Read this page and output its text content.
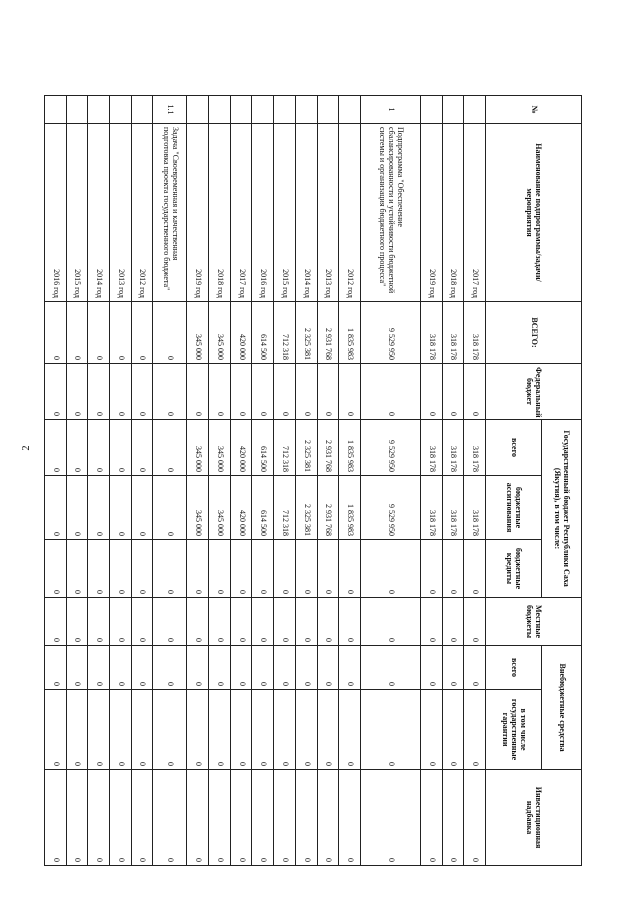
2
№	Наименование подпрограммы/задачи/мероприятия	ВСЕГО:	Федеральный бюджет	Государственный бюджет Республики Саха (Якутия), в том числе:			Местные бюджеты	Внебюджетные средства		Инвестиционная надбавка
				всего	бюджетные ассигнования	бюджетные кредиты		всего	в том числе государственные гарантии	
	2017 год	318 178	0	318 178	318 178	0	0	0	0	0
	2018 год	318 178	0	318 178	318 178	0	0	0	0	0
	2019 год	318 178	0	318 178	318 178	0	0	0	0	0
1	Подпрограмма "Обеспечение сбалансированности и устойчивости бюджетной системы и организация бюджетного процесса"	9 529 950	0	9 529 950	9 529 950	0	0	0	0	0
	2012 год	1 835 983	0	1 835 983	1 835 983	0	0	0	0	0
	2013 год	2 931 768	0	2 931 768	2 931 768	0	0	0	0	0
	2014 год	2 325 381	0	2 325 381	2 325 381	0	0	0	0	0
	2015 год	712 318	0	712 318	712 318	0	0	0	0	0
	2016 год	614 500	0	614 500	614 500	0	0	0	0	0
	2017 год	420 000	0	420 000	420 000	0	0	0	0	0
	2018 год	345 000	0	345 000	345 000	0	0	0	0	0
	2019 год	345 000	0	345 000	345 000	0	0	0	0	0
1.1	Задача "Своевременная и качественная подготовка проекта государственного бюджета"	0	0	0	0	0	0	0	0	0
	2012 год	0	0	0	0	0	0	0	0	0
	2013 год	0	0	0	0	0	0	0	0	0
	2014 год	0	0	0	0	0	0	0	0	0
	2015 год	0	0	0	0	0	0	0	0	0
	2016 год	0	0	0	0	0	0	0	0	0
